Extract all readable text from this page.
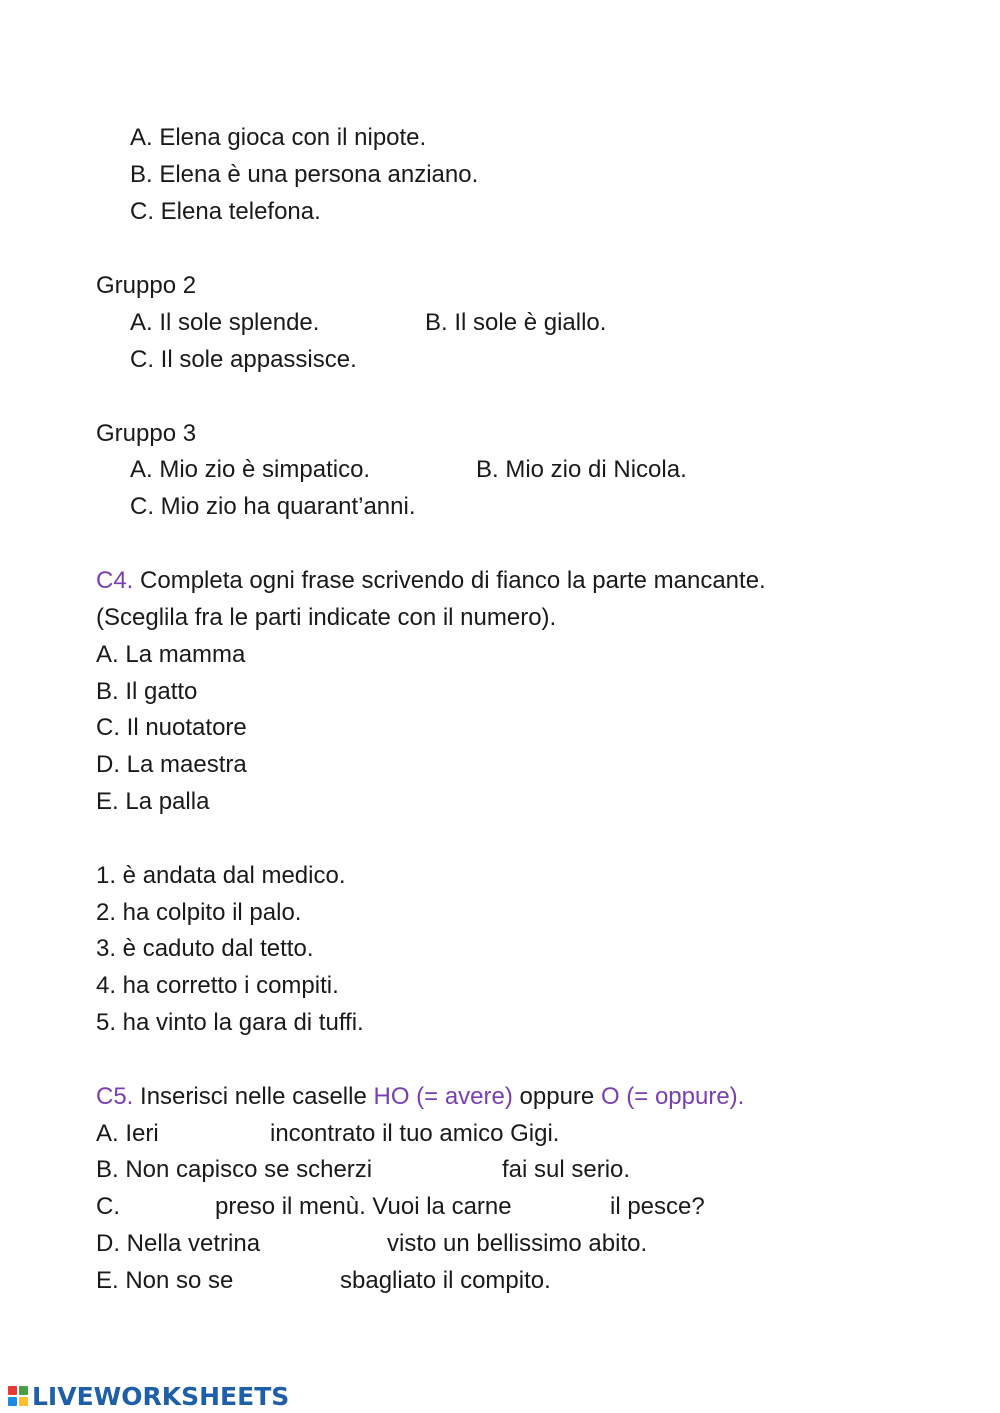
A. Elena gioca con il nipote.
B. Elena è una persona anziano.
C. Elena telefona.
Gruppo 2
A. Il sole splende.	B. Il sole è giallo.
C. Il sole appassisce.
Gruppo 3
A. Mio zio è simpatico.	B. Mio zio di Nicola.
C. Mio zio ha quarant’anni.
C4. Completa ogni frase scrivendo di fianco la parte mancante.
(Sceglila fra le parti indicate con il numero).
A. La mamma
B. Il gatto
C. Il nuotatore
D. La maestra
E. La palla
1. è andata dal medico.
2. ha colpito il palo.
3. è caduto dal tetto.
4. ha corretto i compiti.
5. ha vinto la gara di tuffi.
C5. Inserisci nelle caselle HO (= avere) oppure O (= oppure).
A. Ieri	incontrato il tuo amico Gigi.
B. Non capisco se scherzi	fai sul serio.
C.	preso il menù. Vuoi la carne	il pesce?
D. Nella vetrina	visto un bellissimo abito.
E. Non so se	sbagliato il compito.
LIVEWORKSHEETS
